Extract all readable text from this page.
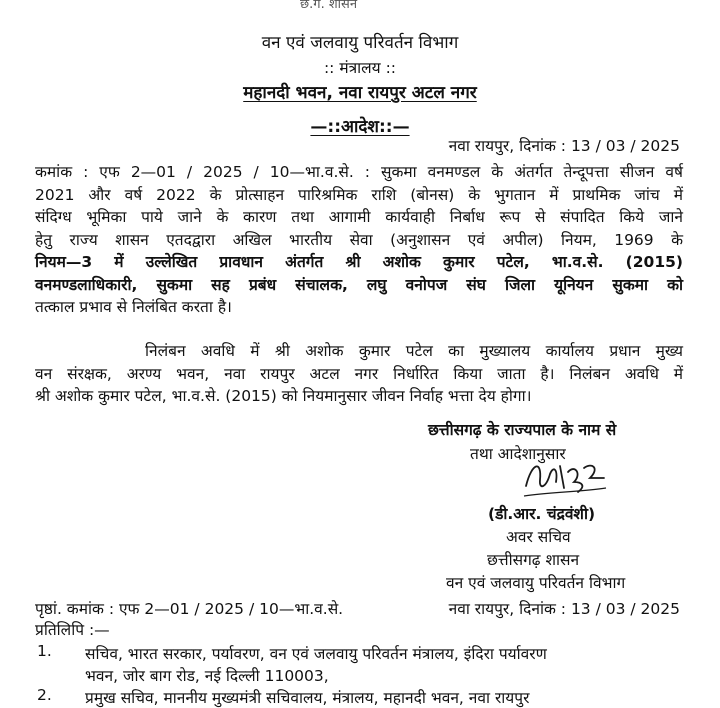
छ.ग. शासन
वन एवं जलवायु परिवर्तन विभाग
:: मंत्रालय ::
महानदी भवन, नवा रायपुर अटल नगर
—::आदेश::—
नवा रायपुर, दिनांक : 13 / 03 / 2025
कमांक : एफ 2—01 / 2025 / 10—भा.व.से. : सुकमा वनमण्डल के अंतर्गत तेन्दूपत्ता सीजन वर्ष
2021 और वर्ष 2022 के प्रोत्साहन पारिश्रमिक राशि (बोनस) के भुगतान में प्राथमिक जांच में
संदिग्ध भूमिका पाये जाने के कारण तथा आगामी कार्यवाही निर्बाध रूप से संपादित किये जाने
हेतु राज्य शासन एतदद्वारा अखिल भारतीय सेवा (अनुशासन एवं अपील) नियम, 1969 के
नियम—3 में उल्लेखित प्रावधान अंतर्गत श्री अशोक कुमार पटेल, भा.व.से. (2015)
वनमण्डलाधिकारी, सुकमा सह प्रबंध संचालक, लघु वनोपज संघ जिला यूनियन सुकमा को
तत्काल प्रभाव से निलंबित करता है।
निलंबन अवधि में श्री अशोक कुमार पटेल का मुख्यालय कार्यालय प्रधान मुख्य
वन संरक्षक, अरण्य भवन, नवा रायपुर अटल नगर निर्धारित किया जाता है। निलंबन अवधि में
श्री अशोक कुमार पटेल, भा.व.से. (2015) को नियमानुसार जीवन निर्वाह भत्ता देय होगा।
छत्तीसगढ़ के राज्यपाल के नाम से
तथा आदेशानुसार
(डी.आर. चंद्रवंशी)
अवर सचिव
छत्तीसगढ़ शासन
वन एवं जलवायु परिवर्तन विभाग
पृष्ठां. कमांक : एफ 2—01 / 2025 / 10—भा.व.से.	नवा रायपुर, दिनांक : 13 / 03 / 2025
प्रतिलिपि :—
1. सचिव, भारत सरकार, पर्यावरण, वन एवं जलवायु परिवर्तन मंत्रालय, इंदिरा पर्यावरण
भवन, जोर बाग रोड, नई दिल्ली 110003,
2. प्रमुख सचिव, माननीय मुख्यमंत्री सचिवालय, मंत्रालय, महानदी भवन, नवा रायपुर
